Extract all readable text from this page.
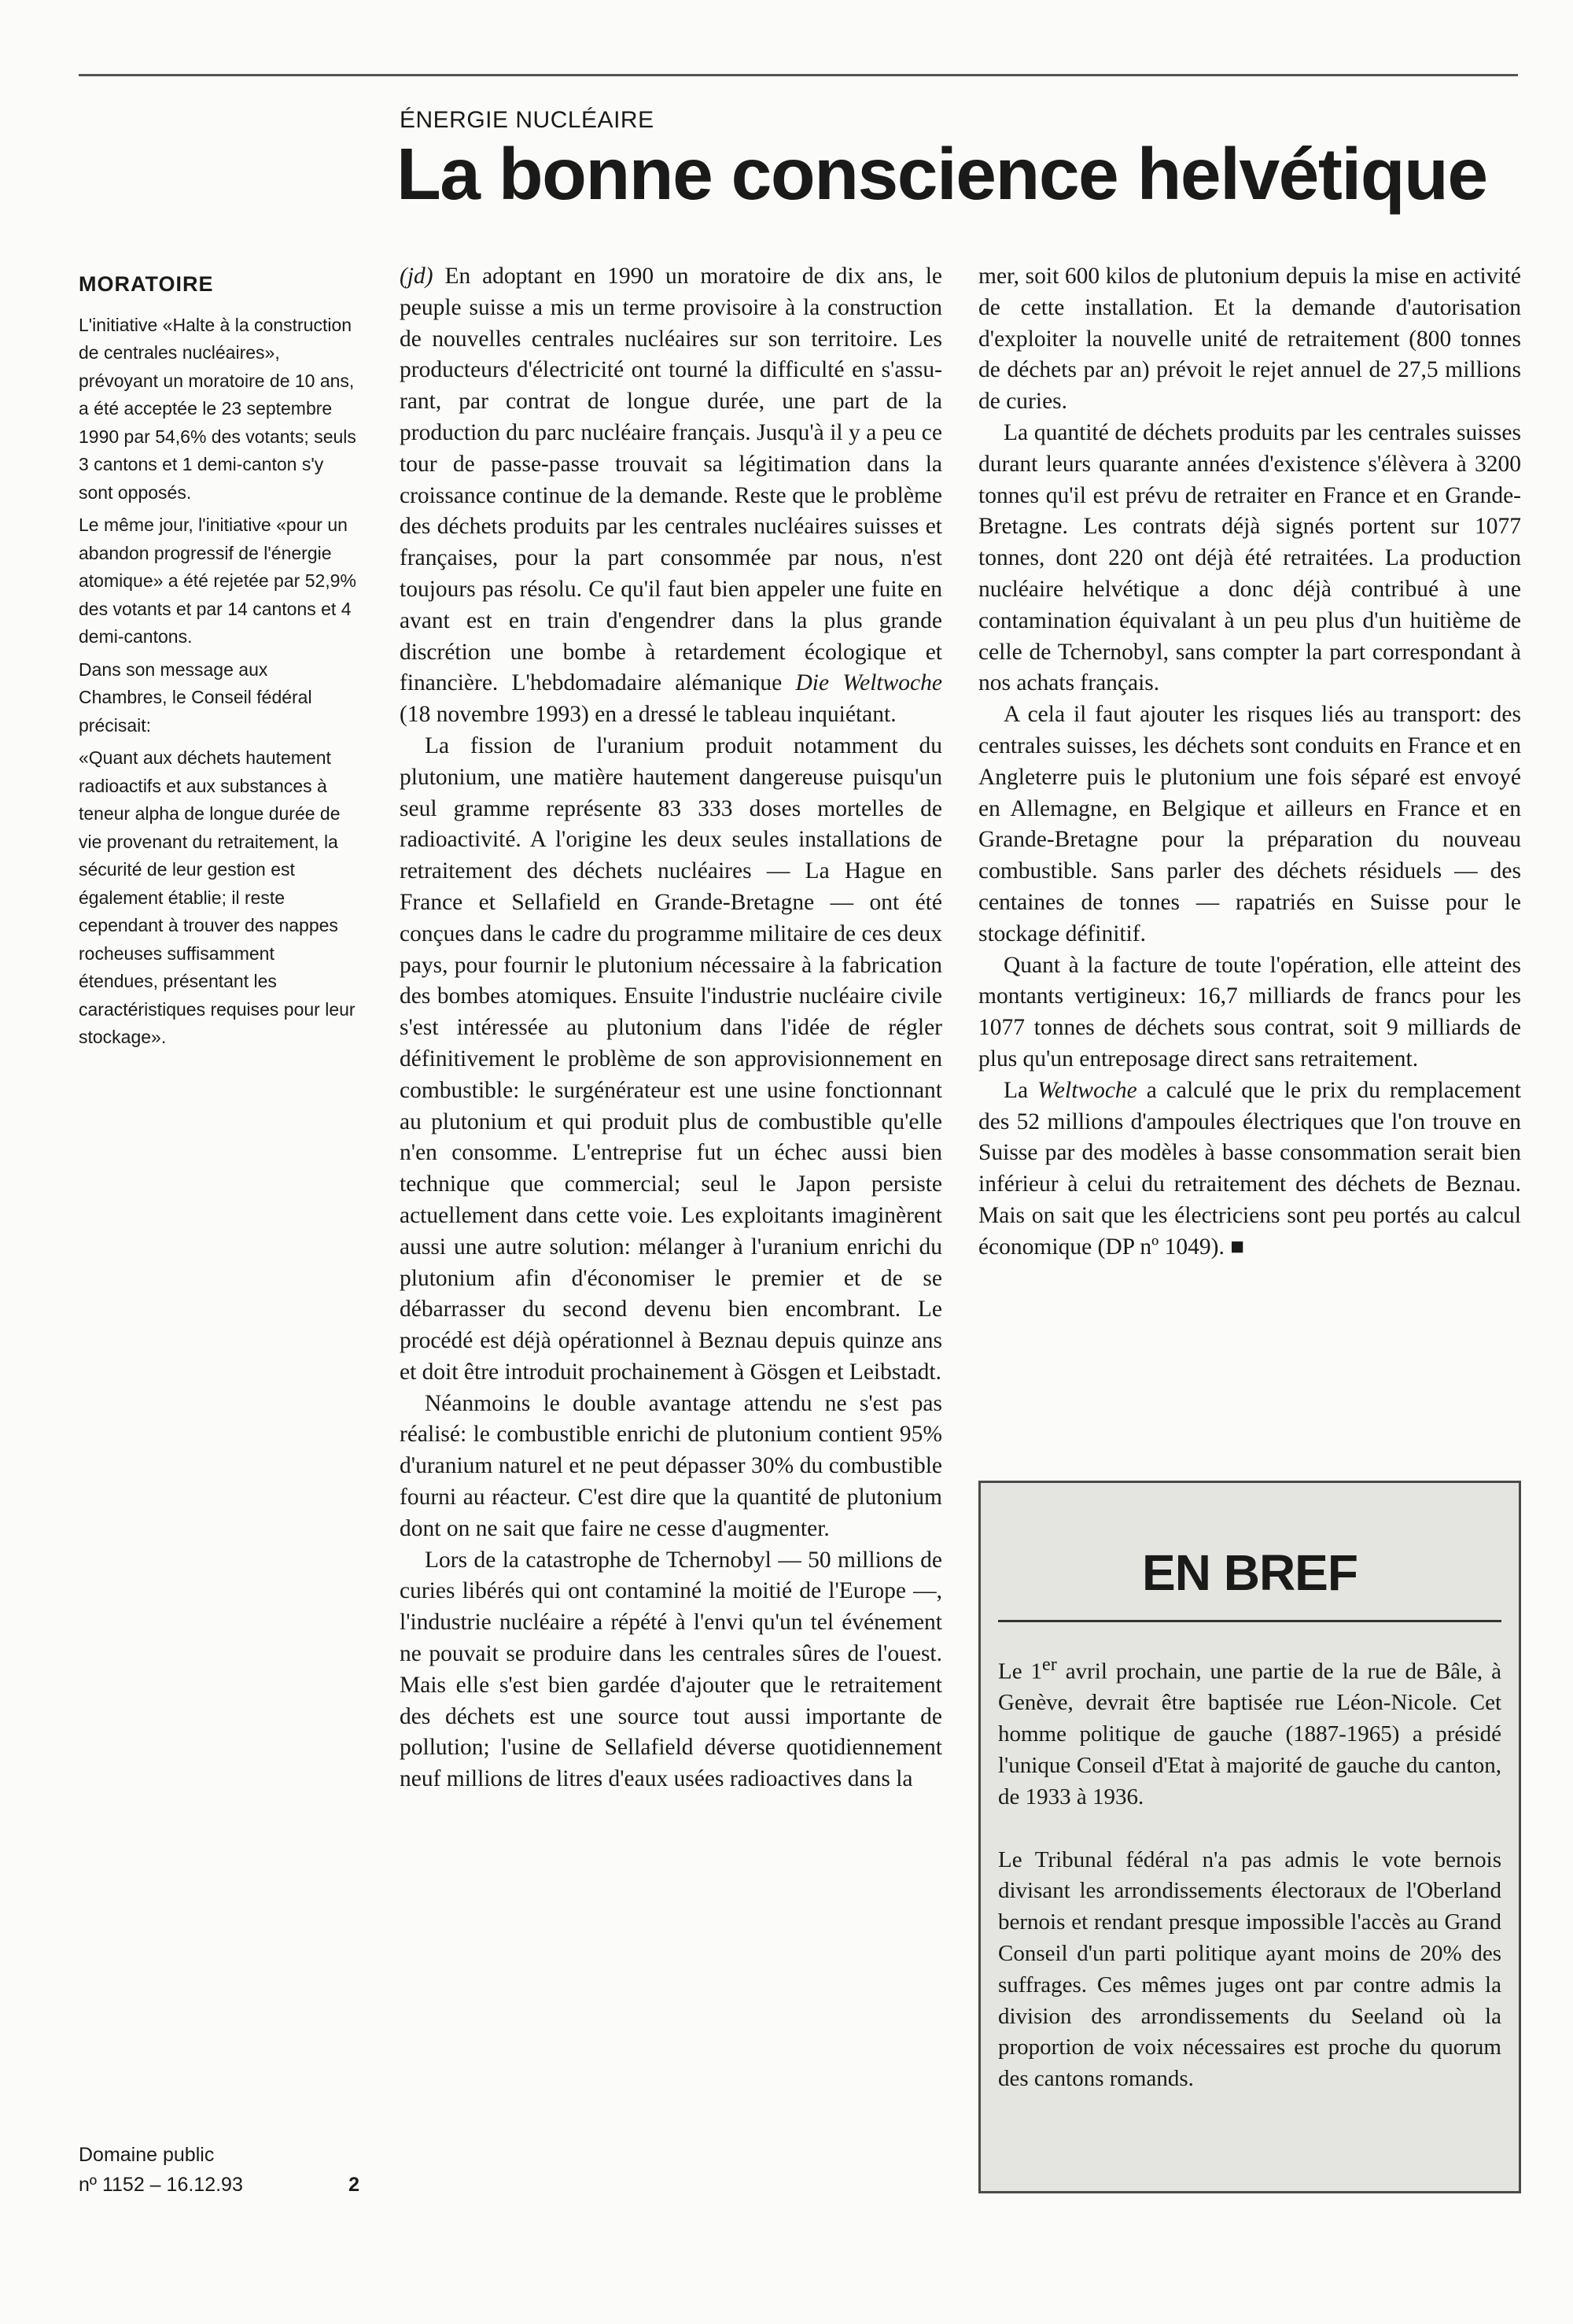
ÉNERGIE NUCLÉAIRE
La bonne conscience helvétique
MORATOIRE

L'initiative «Halte à la construction de centrales nucléaires», prévoyant un moratoire de 10 ans, a été acceptée le 23 septembre 1990 par 54,6% des votants; seuls 3 cantons et 1 demi-canton s'y sont opposés.

Le même jour, l'initiative «pour un abandon progressif de l'énergie atomique» a été rejetée par 52,9% des votants et par 14 cantons et 4 demi-cantons.

Dans son message aux Chambres, le Conseil fédéral précisait:

«Quant aux déchets hautement radioactifs et aux substances à teneur alpha de longue durée de vie provenant du retraitement, la sécurité de leur gestion est également établie; il reste cependant à trouver des nappes rocheuses suffisamment étendues, présentant les caractéristiques requises pour leur stockage».

(jd) En adoptant en 1990 un moratoire de dix ans, le peuple suisse a mis un terme provisoire à la construction de nouvelles centrales nucléaires sur son territoire. Les producteurs d'électricité ont tourné la difficulté en s'assurant, par contrat de longue durée, une part de la production du parc nucléaire français. Jusqu'à il y a peu ce tour de passe-passe trouvait sa légitimation dans la croissance continue de la demande. Reste que le problème des déchets produits par les centrales nucléaires suisses et françaises, pour la part consommée par nous, n'est toujours pas résolu. Ce qu'il faut bien appeler une fuite en avant est en train d'engendrer dans la plus grande discrétion une bombe à retardement écologique et financière. L'hebdomadaire alémanique Die Weltwoche (18 novembre 1993) en a dressé le tableau inquiétant.

La fission de l'uranium produit notamment du plutonium, une matière hautement dangereuse puisqu'un seul gramme représente 83 333 doses mortelles de radioactivité. A l'origine les deux seules installations de retraitement des déchets nucléaires — La Hague en France et Sellafield en Grande-Bretagne — ont été conçues dans le cadre du programme militaire de ces deux pays, pour fournir le plutonium nécessaire à la fabrication des bombes atomiques. Ensuite l'industrie nucléaire civile s'est intéressée au plutonium dans l'idée de régler définitivement le problème de son approvisionnement en combustible: le surgénérateur est une usine fonctionnant au plutonium et qui produit plus de combustible qu'elle n'en consomme. L'entreprise fut un échec aussi bien technique que commercial; seul le Japon persiste actuellement dans cette voie. Les exploitants imaginèrent aussi une autre solution: mélanger à l'uranium enrichi du plutonium afin d'économiser le premier et de se débarrasser du second devenu bien encombrant. Le procédé est déjà opérationnel à Beznau depuis quinze ans et doit être introduit prochainement à Gösgen et Leibstadt.

Néanmoins le double avantage attendu ne s'est pas réalisé: le combustible enrichi de plutonium contient 95% d'uranium naturel et ne peut dépasser 30% du combustible fourni au réacteur. C'est dire que la quantité de plutonium dont on ne sait que faire ne cesse d'augmenter.

Lors de la catastrophe de Tchernobyl — 50 millions de curies libérés qui ont contaminé la moitié de l'Europe —, l'industrie nucléaire a répété à l'envi qu'un tel événement ne pouvait se produire dans les centrales sûres de l'ouest. Mais elle s'est bien gardée d'ajouter que le retraitement des déchets est une source tout aussi importante de pollution; l'usine de Sellafield déverse quotidiennement neuf millions de litres d'eaux usées radioactives dans la

mer, soit 600 kilos de plutonium depuis la mise en activité de cette installation. Et la demande d'autorisation d'exploiter la nouvelle unité de retraitement (800 tonnes de déchets par an) prévoit le rejet annuel de 27,5 millions de curies.

La quantité de déchets produits par les centrales suisses durant leurs quarante années d'existence s'élèvera à 3200 tonnes qu'il est prévu de retraiter en France et en Grande-Bretagne. Les contrats déjà signés portent sur 1077 tonnes, dont 220 ont déjà été retraitées. La production nucléaire helvétique a donc déjà contribué à une contamination équivalant à un peu plus d'un huitième de celle de Tchernobyl, sans compter la part correspondant à nos achats français.

A cela il faut ajouter les risques liés au transport: des centrales suisses, les déchets sont conduits en France et en Angleterre puis le plutonium une fois séparé est envoyé en Allemagne, en Belgique et ailleurs en France et en Grande-Bretagne pour la préparation du nouveau combustible. Sans parler des déchets résiduels — des centaines de tonnes — rapatriés en Suisse pour le stockage définitif.

Quant à la facture de toute l'opération, elle atteint des montants vertigineux: 16,7 milliards de francs pour les 1077 tonnes de déchets sous contrat, soit 9 milliards de plus qu'un entreposage direct sans retraitement.

La Weltwoche a calculé que le prix du remplacement des 52 millions d'ampoules électriques que l'on trouve en Suisse par des modèles à basse consommation serait bien inférieur à celui du retraitement des déchets de Beznau. Mais on sait que les électriciens sont peu portés au calcul économique (DP nº 1049). ■

EN BREF

Le 1er avril prochain, une partie de la rue de Bâle, à Genève, devrait être baptisée rue Léon-Nicole. Cet homme politique de gauche (1887-1965) a présidé l'unique Conseil d'Etat à majorité de gauche du canton, de 1933 à 1936.

Le Tribunal fédéral n'a pas admis le vote bernois divisant les arrondissements électoraux de l'Oberland bernois et rendant presque impossible l'accès au Grand Conseil d'un parti politique ayant moins de 20% des suffrages. Ces mêmes juges ont par contre admis la division des arrondissements du Seeland où la proportion de voix nécessaires est proche du quorum des cantons romands.

Domaine public
nº 1152 – 16.12.93	2
